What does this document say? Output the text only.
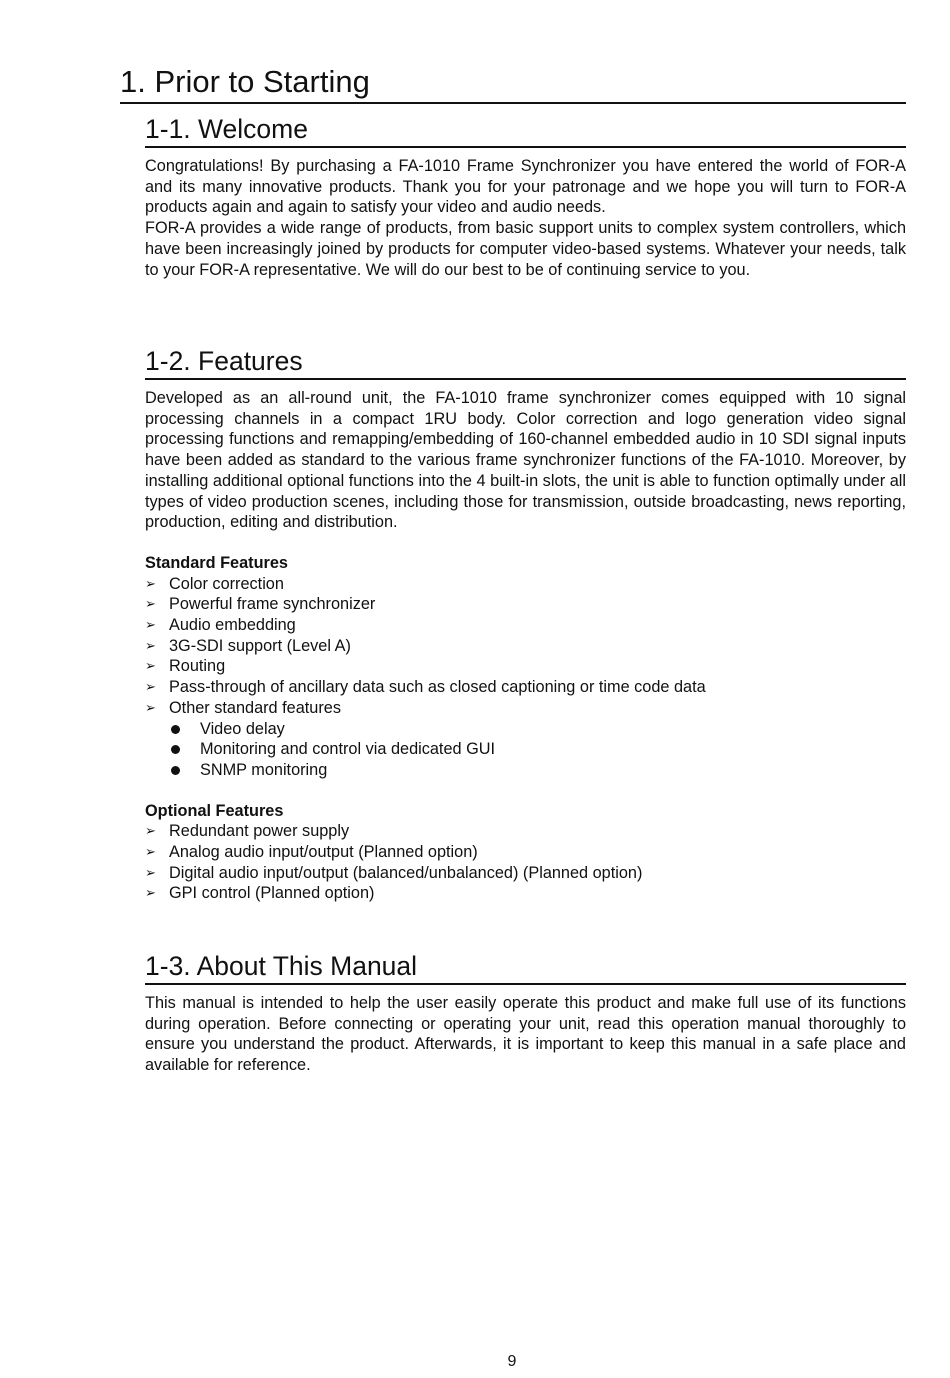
1. Prior to Starting
1-1. Welcome

Congratulations! By purchasing a FA-1010 Frame Synchronizer you have entered the world of FOR-A and its many innovative products. Thank you for your patronage and we hope you will turn to FOR-A products again and again to satisfy your video and audio needs.

FOR-A provides a wide range of products, from basic support units to complex system controllers, which have been increasingly joined by products for computer video-based systems. Whatever your needs, talk to your FOR-A representative. We will do our best to be of continuing service to you.

1-2. Features

Developed as an all-round unit, the FA-1010 frame synchronizer comes equipped with 10 signal processing channels in a compact 1RU body. Color correction and logo generation video signal processing functions and remapping/embedding of 160-channel embedded audio in 10 SDI signal inputs have been added as standard to the various frame synchronizer functions of the FA-1010. Moreover, by installing additional optional functions into the 4 built-in slots, the unit is able to function optimally under all types of video production scenes, including those for transmission, outside broadcasting, news reporting, production, editing and distribution.

Standard Features
➢ Color correction
➢ Powerful frame synchronizer
➢ Audio embedding
➢ 3G-SDI support (Level A)
➢ Routing
➢ Pass-through of ancillary data such as closed captioning or time code data
➢ Other standard features
Video delay
Monitoring and control via dedicated GUI
SNMP monitoring
Optional Features
➢ Redundant power supply
➢ Analog audio input/output (Planned option)
➢ Digital audio input/output (balanced/unbalanced) (Planned option)
➢ GPI control (Planned option)
1-3. About This Manual

This manual is intended to help the user easily operate this product and make full use of its functions during operation. Before connecting or operating your unit, read this operation manual thoroughly to ensure you understand the product. Afterwards, it is important to keep this manual in a safe place and available for reference.

9
